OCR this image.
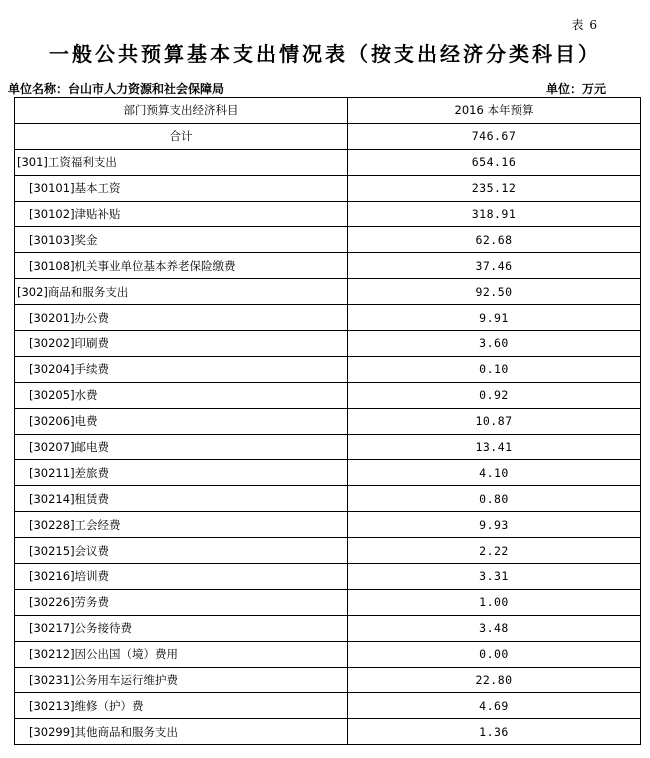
表 6
一般公共预算基本支出情况表（按支出经济分类科目）
单位名称：台山市人力资源和社会保障局	单位：万元
部门预算支出经济科目	2016 本年预算
合计	746.67
[301]工资福利支出	654.16
[30101]基本工资	235.12
[30102]津贴补贴	318.91
[30103]奖金	62.68
[30108]机关事业单位基本养老保险缴费	37.46
[302]商品和服务支出	92.50
[30201]办公费	9.91
[30202]印刷费	3.60
[30204]手续费	0.10
[30205]水费	0.92
[30206]电费	10.87
[30207]邮电费	13.41
[30211]差旅费	4.10
[30214]租赁费	0.80
[30228]工会经费	9.93
[30215]会议费	2.22
[30216]培训费	3.31
[30226]劳务费	1.00
[30217]公务接待费	3.48
[30212]因公出国（境）费用	0.00
[30231]公务用车运行维护费	22.80
[30213]维修（护）费	4.69
[30299]其他商品和服务支出	1.36
